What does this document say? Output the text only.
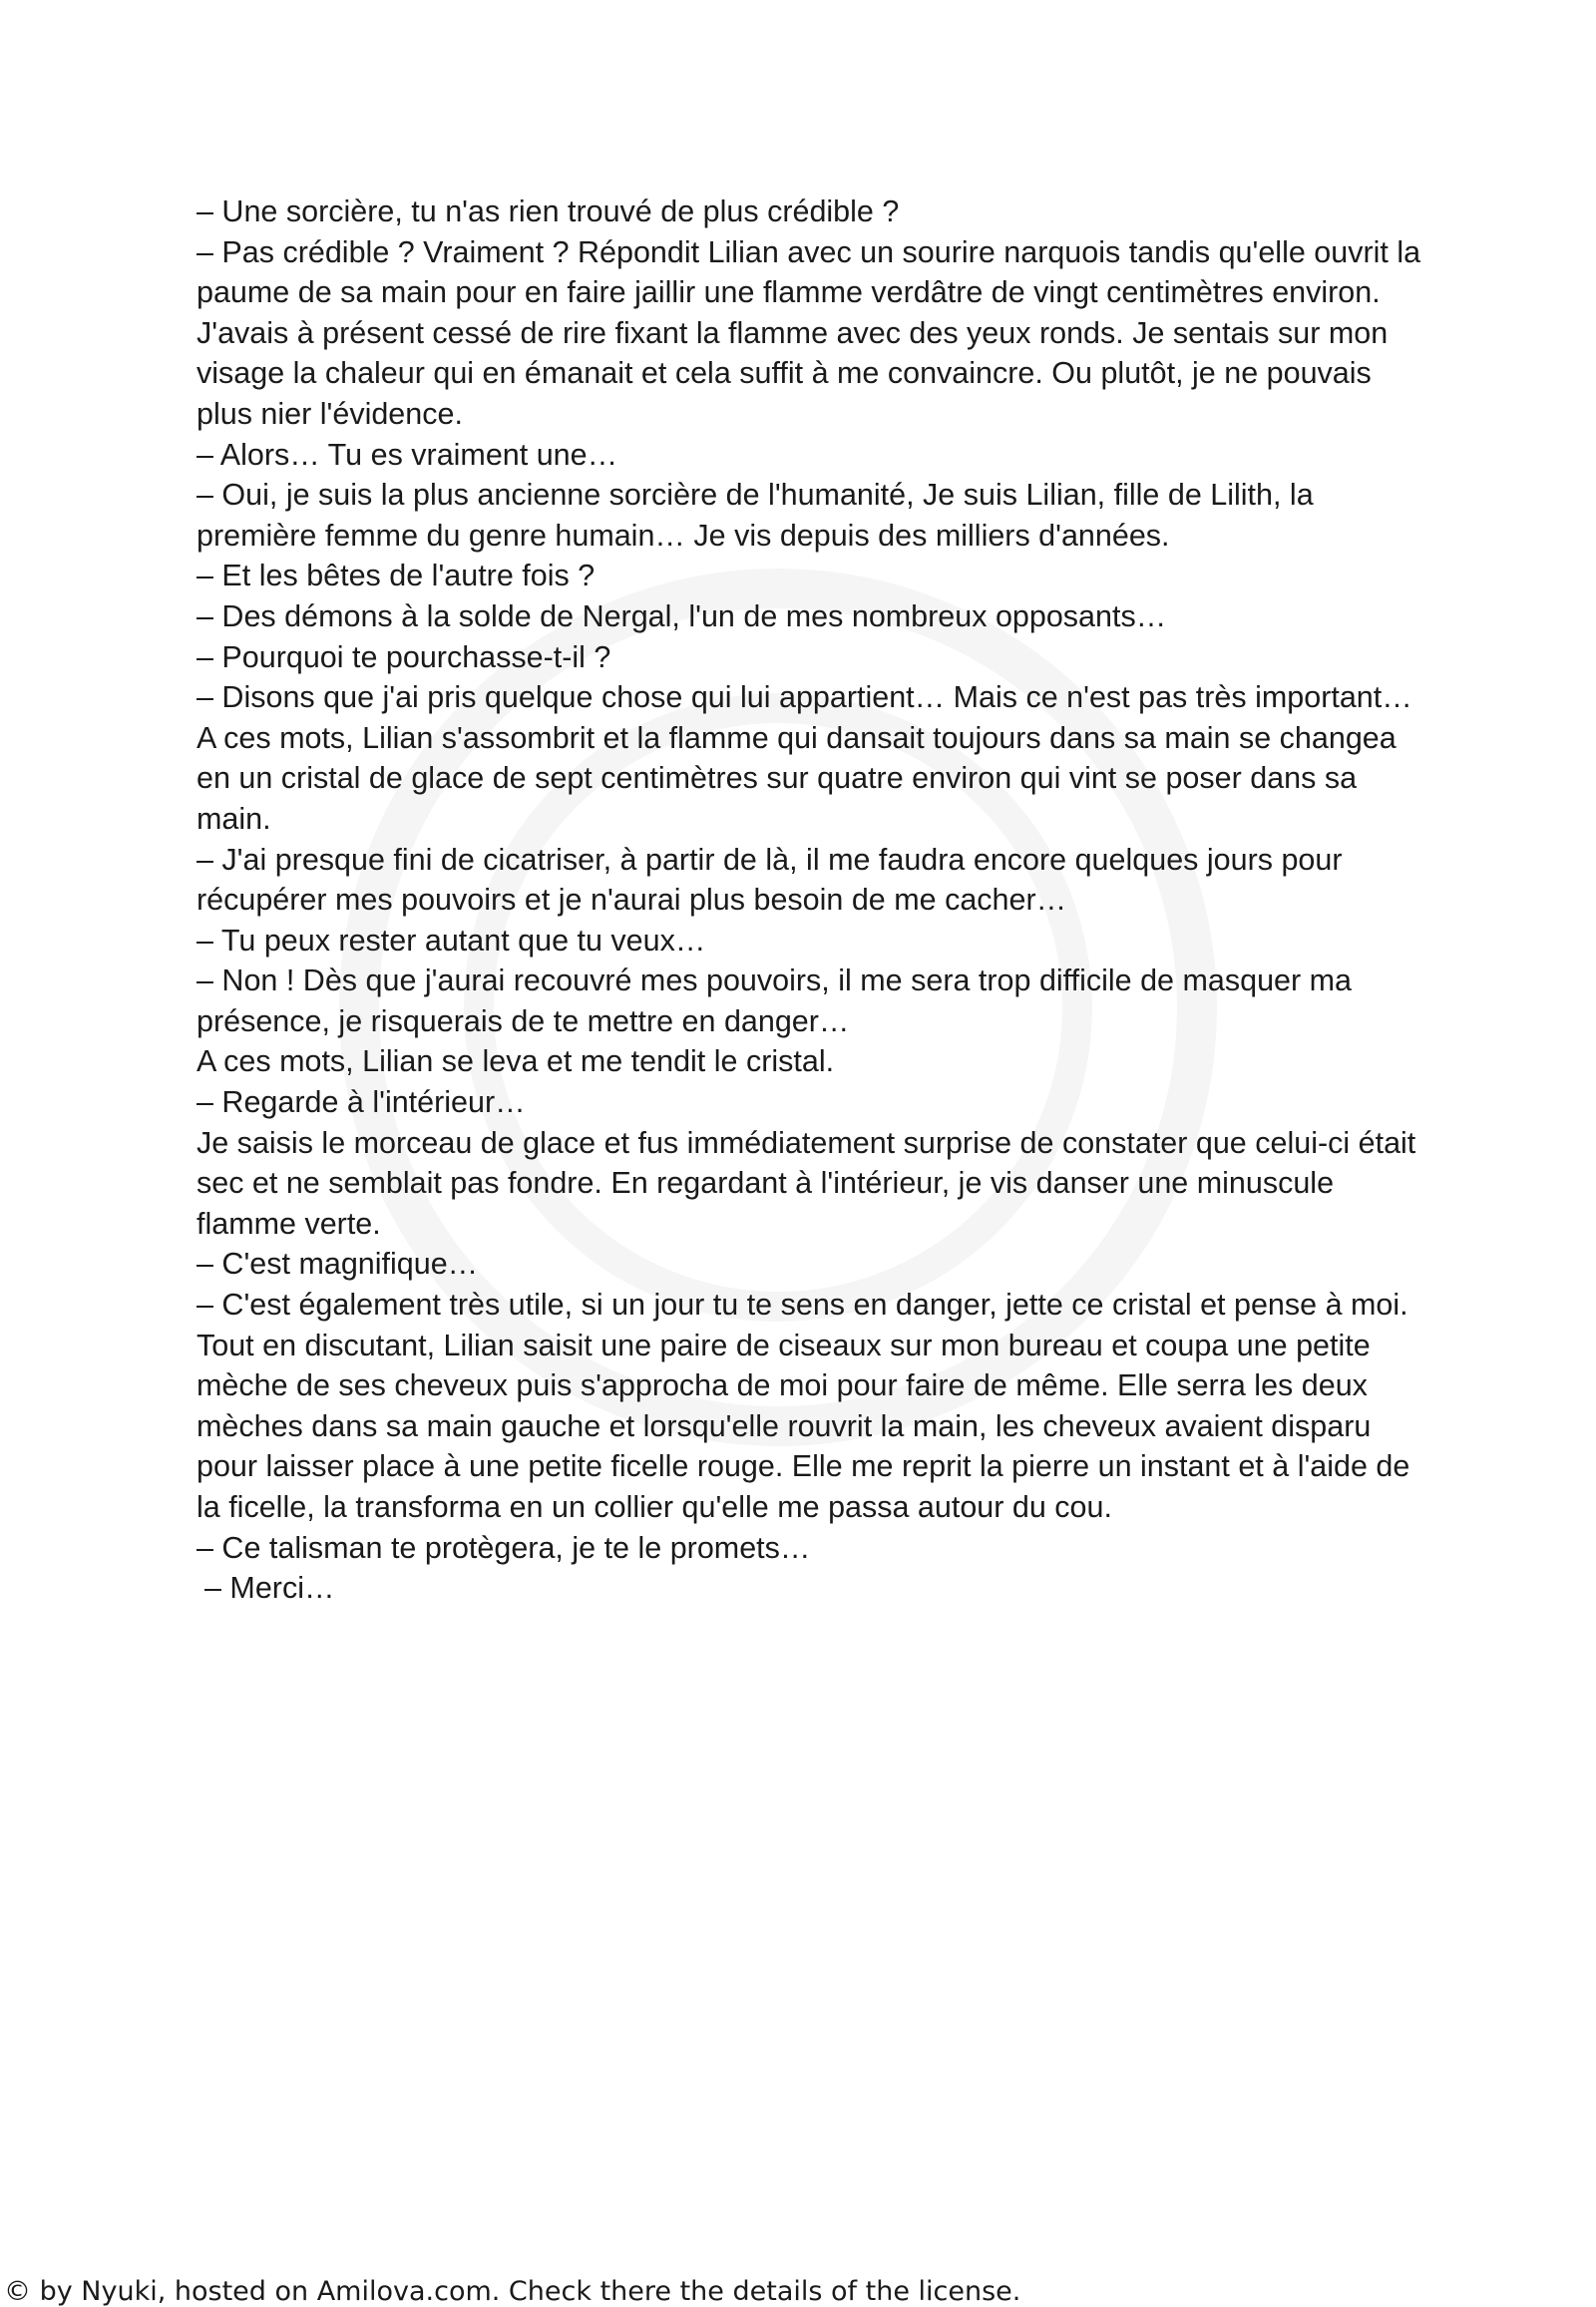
– Une sorcière, tu n'as rien trouvé de plus crédible ?
– Pas crédible ? Vraiment ? Répondit Lilian avec un sourire narquois tandis qu'elle ouvrit la paume de sa main pour en faire jaillir une flamme verdâtre de vingt centimètres environ. J'avais à présent cessé de rire fixant la flamme avec des yeux ronds. Je sentais sur mon visage la chaleur qui en émanait et cela suffit à me convaincre. Ou plutôt, je ne pouvais plus nier l'évidence.
– Alors… Tu es vraiment une…
– Oui, je suis la plus ancienne sorcière de l'humanité, Je suis Lilian, fille de Lilith, la première femme du genre humain… Je vis depuis des milliers d'années.
– Et les bêtes de l'autre fois ?
– Des démons à la solde de Nergal, l'un de mes nombreux opposants…
– Pourquoi te pourchasse-t-il ?
– Disons que j'ai pris quelque chose qui lui appartient… Mais ce n'est pas très important…
A ces mots, Lilian s'assombrit et la flamme qui dansait toujours dans sa main se changea en un cristal de glace de sept centimètres sur quatre environ qui vint se poser dans sa main.
– J'ai presque fini de cicatriser, à partir de là, il me faudra encore quelques jours pour récupérer mes pouvoirs et je n'aurai plus besoin de me cacher…
– Tu peux rester autant que tu veux…
– Non ! Dès que j'aurai recouvré mes pouvoirs, il me sera trop difficile de masquer ma présence, je risquerais de te mettre en danger…
A ces mots, Lilian se leva et me tendit le cristal.
– Regarde à l'intérieur…
Je saisis le morceau de glace et fus immédiatement surprise de constater que celui-ci était sec et ne semblait pas fondre. En regardant à l'intérieur, je vis danser une minuscule flamme verte.
– C'est magnifique…
– C'est également très utile, si un jour tu te sens en danger, jette ce cristal et pense à moi.
Tout en discutant, Lilian saisit une paire de ciseaux sur mon bureau et coupa une petite mèche de ses cheveux puis s'approcha de moi pour faire de même. Elle serra les deux mèches dans sa main gauche et lorsqu'elle rouvrit la main, les cheveux avaient disparu pour laisser place à une petite ficelle rouge. Elle me reprit la pierre un instant et à l'aide de la ficelle, la transforma en un collier qu'elle me passa autour du cou.
– Ce talisman te protègera, je te le promets…
– Merci…

© by Nyuki, hosted on Amilova.com. Check there the details of the license.
